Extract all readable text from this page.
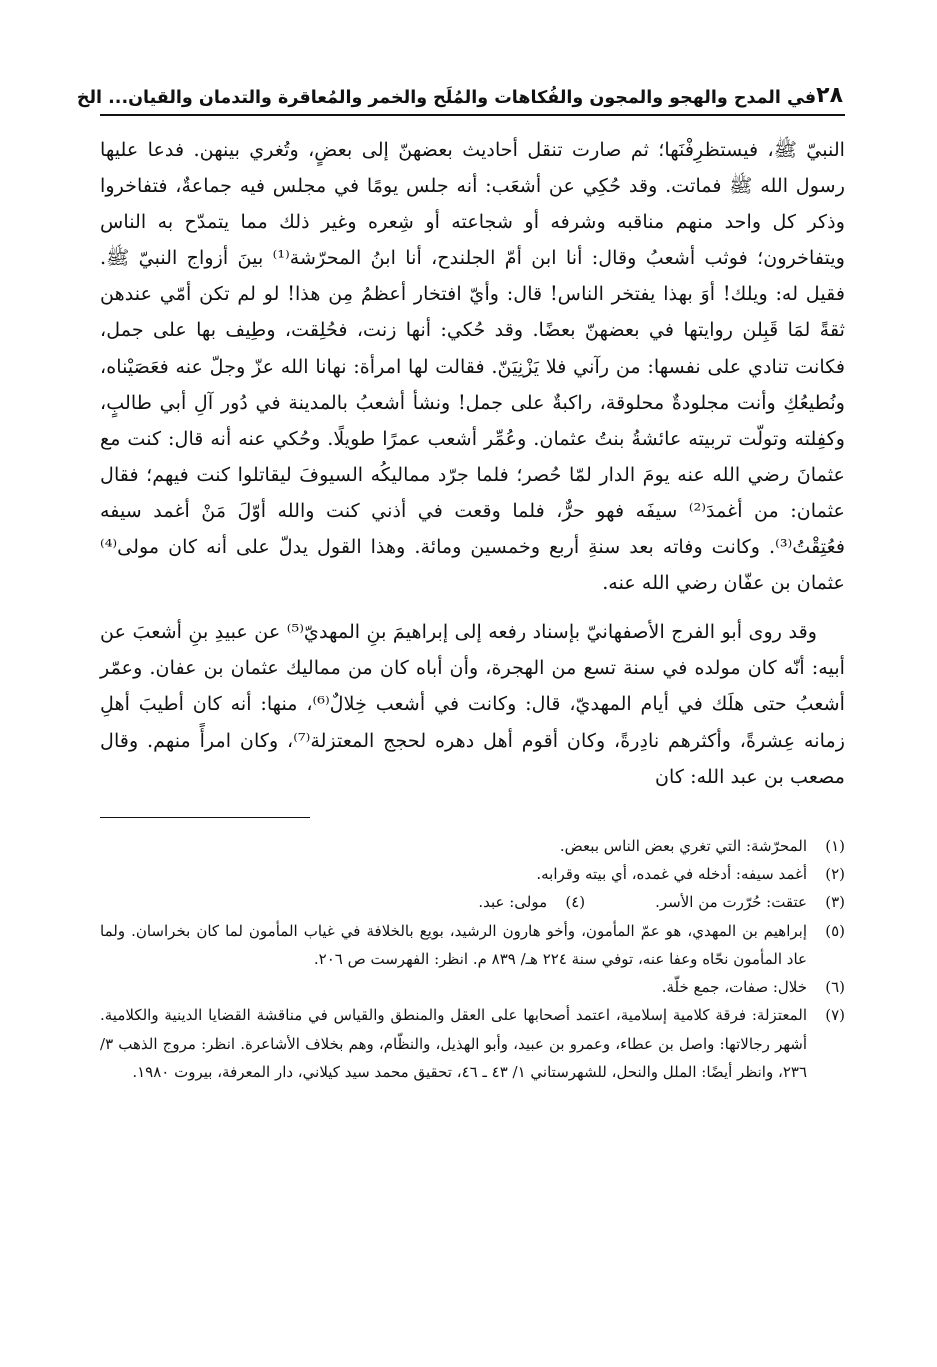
٢٨
في المدح والهجو والمجون والفُكاهات والمُلَح والخمر والمُعاقرة والتدمان والقيان... الخ

النبيّ ﷺ، فيستظرِفْنَها؛ ثم صارت تنقل أحاديث بعضهنّ إلى بعضٍ، وتُغري بينهن. فدعا عليها رسول الله ﷺ فماتت. وقد حُكِي عن أشعَب: أنه جلس يومًا في مجلس فيه جماعةٌ، فتفاخروا وذكر كل واحد منهم مناقبه وشرفه أو شجاعته أو شِعره وغير ذلك مما يتمدّح به الناس ويتفاخرون؛ فوثب أشعبُ وقال: أنا ابن أمّ الجلندح، أنا ابنُ المحرّشة⁽¹⁾ بينَ أزواج النبيّ ﷺ. فقيل له: ويلك! أوَ بهذا يفتخر الناس! قال: وأيّ افتخار أعظمُ مِن هذا! لو لم تكن أمّي عندهن ثقةً لمَا قَبِلن روايتها في بعضهنّ بعضًا. وقد حُكي: أنها زنت، فحُلِقت، وطِيف بها على جمل، فكانت تنادي على نفسها: من رآني فلا يَزْنِيَنّ. فقالت لها امرأة: نهانا الله عزّ وجلّ عنه فعَصَيْناه، ونُطيعُكِ وأنت مجلودةٌ محلوقة، راكبةٌ على جمل! ونشأ أشعبُ بالمدينة في دُور آلِ أبي طالبٍ، وكفِلته وتولّت تربيته عائشةُ بنتُ عثمان. وعُمِّر أشعب عمرًا طويلًا. وحُكي عنه أنه قال: كنت مع عثمانَ رضي الله عنه يومَ الدار لمّا حُصر؛ فلما جرّد مماليكُه السيوفَ ليقاتلوا كنت فيهم؛ فقال عثمان: من أغمدَ⁽²⁾ سيفَه فهو حرٌّ، فلما وقعت في أذني كنت والله أوّلَ مَنْ أغمد سيفه فعُتِقْتُ⁽³⁾. وكانت وفاته بعد سنةِ أربع وخمسين ومائة. وهذا القول يدلّ على أنه كان مولى⁽⁴⁾ عثمان بن عفّان رضي الله عنه.

وقد روى أبو الفرج الأصفهانيّ بإسناد رفعه إلى إبراهيمَ بنِ المهديّ⁽⁵⁾ عن عبيدِ بنِ أشعبَ عن أبيه: أنّه كان مولده في سنة تسع من الهجرة، وأن أباه كان من مماليك عثمان بن عفان. وعمّر أشعبُ حتى هلَك في أيام المهديّ، قال: وكانت في أشعب خِلالٌ⁽⁶⁾، منها: أنه كان أطيبَ أهلِ زمانه عِشرةً، وأكثرهم نادِرةً، وكان أقوم أهل دهره لحجج المعتزلة⁽⁷⁾، وكان امرأً منهم. وقال مصعب بن عبد الله: كان

(١)
المحرّشة: التي تغري بعض الناس ببعض.
(٢)
أغمد سيفه: أدخله في غمده، أي بيته وقرابه.
(٣)
عتقت: حُرّرت من الأسر.(٤)مولى: عبد.
(٥)
إبراهيم بن المهدي، هو عمّ المأمون، وأخو هارون الرشيد، بويع بالخلافة في غياب المأمون لما كان بخراسان. ولما عاد المأمون نحّاه وعفا عنه، توفي سنة ٢٢٤ هـ/ ٨٣٩ م. انظر: الفهرست ص ٢٠٦.
(٦)
خلال: صفات، جمع خلّة.
(٧)
المعتزلة: فرقة كلامية إسلامية، اعتمد أصحابها على العقل والمنطق والقياس في مناقشة القضايا الدينية والكلامية. أشهر رجالاتها: واصل بن عطاء، وعمرو بن عبيد، وأبو الهذيل، والنظّام، وهم بخلاف الأشاعرة. انظر: مروج الذهب ٣/ ٢٣٦، وانظر أيضًا: الملل والنحل، للشهرستاني ١/ ٤٣ ـ ٤٦، تحقيق محمد سيد كيلاني، دار المعرفة، بيروت ١٩٨٠.
